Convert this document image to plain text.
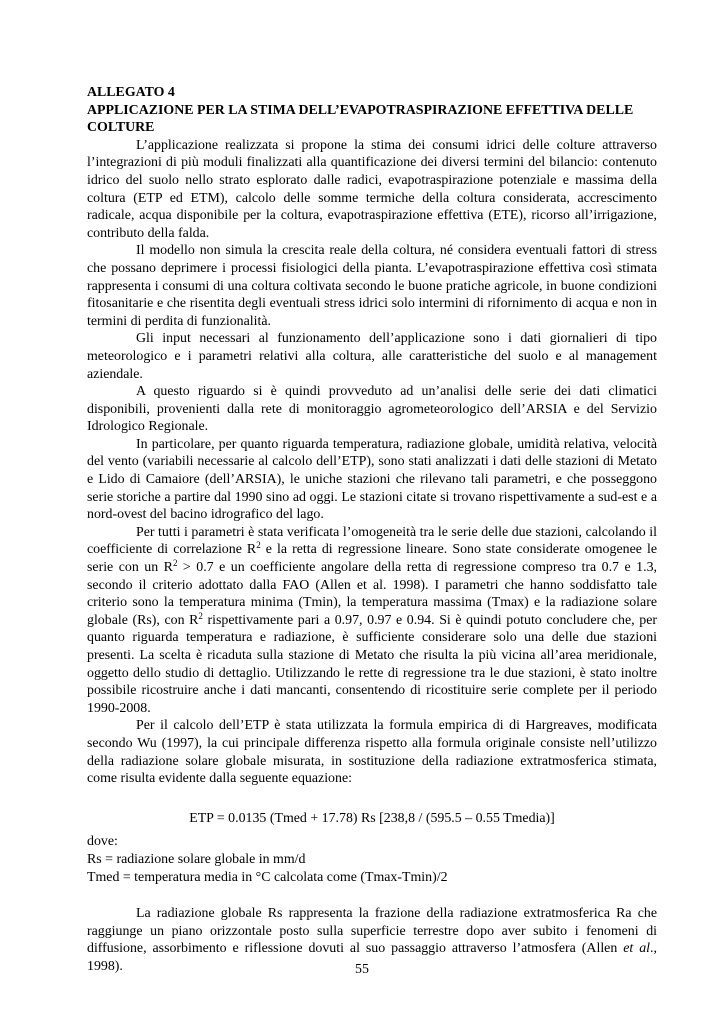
ALLEGATO 4
APPLICAZIONE PER LA STIMA DELL’EVAPOTRASPIRAZIONE EFFETTIVA DELLE COLTURE

L’applicazione realizzata si propone la stima dei consumi idrici delle colture attraverso l’integrazioni di più moduli finalizzati alla quantificazione dei diversi termini del bilancio: contenuto idrico del suolo nello strato esplorato dalle radici, evapotraspirazione potenziale e massima della coltura (ETP ed ETM), calcolo delle somme termiche della coltura considerata, accrescimento radicale, acqua disponibile per la coltura, evapotraspirazione effettiva (ETE), ricorso all’irrigazione, contributo della falda.

Il modello non simula la crescita reale della coltura, né considera eventuali fattori di stress che possano deprimere i processi fisiologici della pianta. L’evapotraspirazione effettiva così stimata rappresenta i consumi di una coltura coltivata secondo le buone pratiche agricole, in buone condizioni fitosanitarie e che risentita degli eventuali stress idrici solo intermini di rifornimento di acqua e non in termini di perdita di funzionalità.

Gli input necessari al funzionamento dell’applicazione sono i dati giornalieri di tipo meteorologico e i parametri relativi alla coltura, alle caratteristiche del suolo e al management aziendale.

A questo riguardo si è quindi provveduto ad un’analisi delle serie dei dati climatici disponibili, provenienti dalla rete di monitoraggio agrometeorologico dell’ARSIA e del Servizio Idrologico Regionale.

In particolare, per quanto riguarda temperatura, radiazione globale, umidità relativa, velocità del vento (variabili necessarie al calcolo dell’ETP), sono stati analizzati i dati delle stazioni di Metato e Lido di Camaiore (dell’ARSIA), le uniche stazioni che rilevano tali parametri, e che posseggono serie storiche a partire dal 1990 sino ad oggi. Le stazioni citate si trovano rispettivamente a sud-est e a nord-ovest del bacino idrografico del lago.

Per tutti i parametri è stata verificata l’omogeneità tra le serie delle due stazioni, calcolando il coefficiente di correlazione $R^2$ e la retta di regressione lineare. Sono state considerate omogenee le serie con un $R^2 > 0.7$ e un coefficiente angolare della retta di regressione compreso tra 0.7 e 1.3, secondo il criterio adottato dalla FAO (Allen et al. 1998). I parametri che hanno soddisfatto tale criterio sono la temperatura minima (Tmin), la temperatura massima (Tmax) e la radiazione solare globale (Rs), con $R^2$ rispettivamente pari a 0.97, 0.97 e 0.94. Si è quindi potuto concludere che, per quanto riguarda temperatura e radiazione, è sufficiente considerare solo una delle due stazioni presenti. La scelta è ricaduta sulla stazione di Metato che risulta la più vicina all’area meridionale, oggetto dello studio di dettaglio. Utilizzando le rette di regressione tra le due stazioni, è stato inoltre possibile ricostruire anche i dati mancanti, consentendo di ricostituire serie complete per il periodo 1990-2008.

Per il calcolo dell’ETP è stata utilizzata la formula empirica di di Hargreaves, modificata secondo Wu (1997), la cui principale differenza rispetto alla formula originale consiste nell’utilizzo della radiazione solare globale misurata, in sostituzione della radiazione extratmosferica stimata, come risulta evidente dalla seguente equazione:

ETP = 0.0135 (Tmed + 17.78) Rs [238,8 / (595.5 – 0.55 Tmedia)]
dove:
Rs = radiazione solare globale in mm/d
Tmed = temperatura media in °C calcolata come (Tmax-Tmin)/2

La radiazione globale Rs rappresenta la frazione della radiazione extratmosferica Ra che raggiunge un piano orizzontale posto sulla superficie terrestre dopo aver subito i fenomeni di diffusione, assorbimento e riflessione dovuti al suo passaggio attraverso l’atmosfera (Allen et al., 1998).	55
